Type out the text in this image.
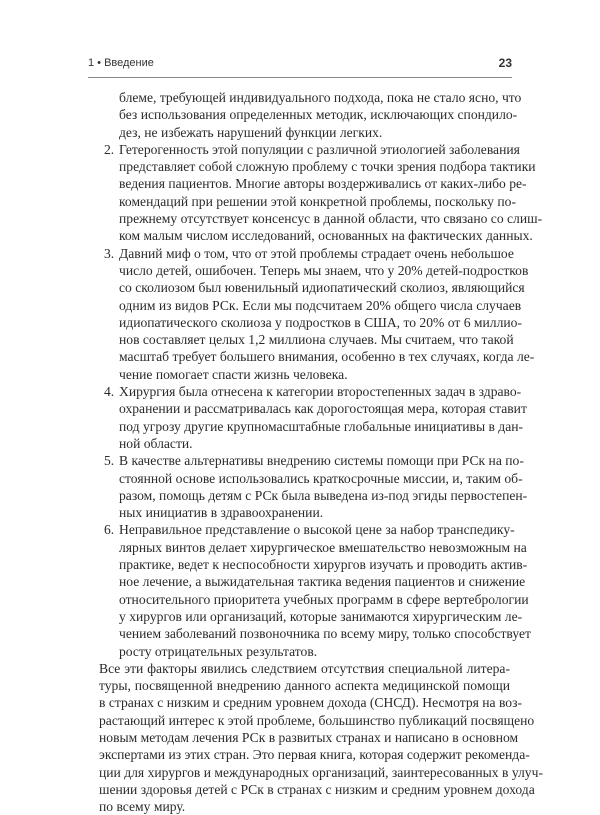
1 • Введение	23
блеме, требующей индивидуального подхода, пока не стало ясно, что
без использования определенных методик, исключающих спондило-
дез, не избежать нарушений функции легких.
2. Гетерогенность этой популяции с различной этиологией заболевания
представляет собой сложную проблему с точки зрения подбора тактики
ведения пациентов. Многие авторы воздерживались от каких-либо ре-
комендаций при решении этой конкретной проблемы, поскольку по-
прежнему отсутствует консенсус в данной области, что связано со слиш-
ком малым числом исследований, основанных на фактических данных.
3. Давний миф о том, что от этой проблемы страдает очень небольшое
число детей, ошибочен. Теперь мы знаем, что у 20% детей-подростков
со сколиозом был ювенильный идиопатический сколиоз, являющийся
одним из видов РСк. Если мы подсчитаем 20% общего числа случаев
идиопатического сколиоза у подростков в США, то 20% от 6 миллио-
нов составляет целых 1,2 миллиона случаев. Мы считаем, что такой
масштаб требует большего внимания, особенно в тех случаях, когда ле-
чение помогает спасти жизнь человека.
4. Хирургия была отнесена к категории второстепенных задач в здраво-
охранении и рассматривалась как дорогостоящая мера, которая ставит
под угрозу другие крупномасштабные глобальные инициативы в дан-
ной области.
5. В качестве альтернативы внедрению системы помощи при РСк на по-
стоянной основе использовались краткосрочные миссии, и, таким об-
разом, помощь детям с РСк была выведена из-под эгиды первостепен-
ных инициатив в здравоохранении.
6. Неправильное представление о высокой цене за набор транспедику-
лярных винтов делает хирургическое вмешательство невозможным на
практике, ведет к неспособности хирургов изучать и проводить актив-
ное лечение, а выжидательная тактика ведения пациентов и снижение
относительного приоритета учебных программ в сфере вертебрологии
у хирургов или организаций, которые занимаются хирургическим ле-
чением заболеваний позвоночника по всему миру, только способствует
росту отрицательных результатов.
Все эти факторы явились следствием отсутствия специальной литера-
туры, посвященной внедрению данного аспекта медицинской помощи
в странах с низким и средним уровнем дохода (СНСД). Несмотря на воз-
растающий интерес к этой проблеме, большинство публикаций посвящено
новым методам лечения РСк в развитых странах и написано в основном
экспертами из этих стран. Это первая книга, которая содержит рекоменда-
ции для хирургов и международных организаций, заинтересованных в улуч-
шении здоровья детей с РСк в странах с низким и средним уровнем дохода
по всему миру.
